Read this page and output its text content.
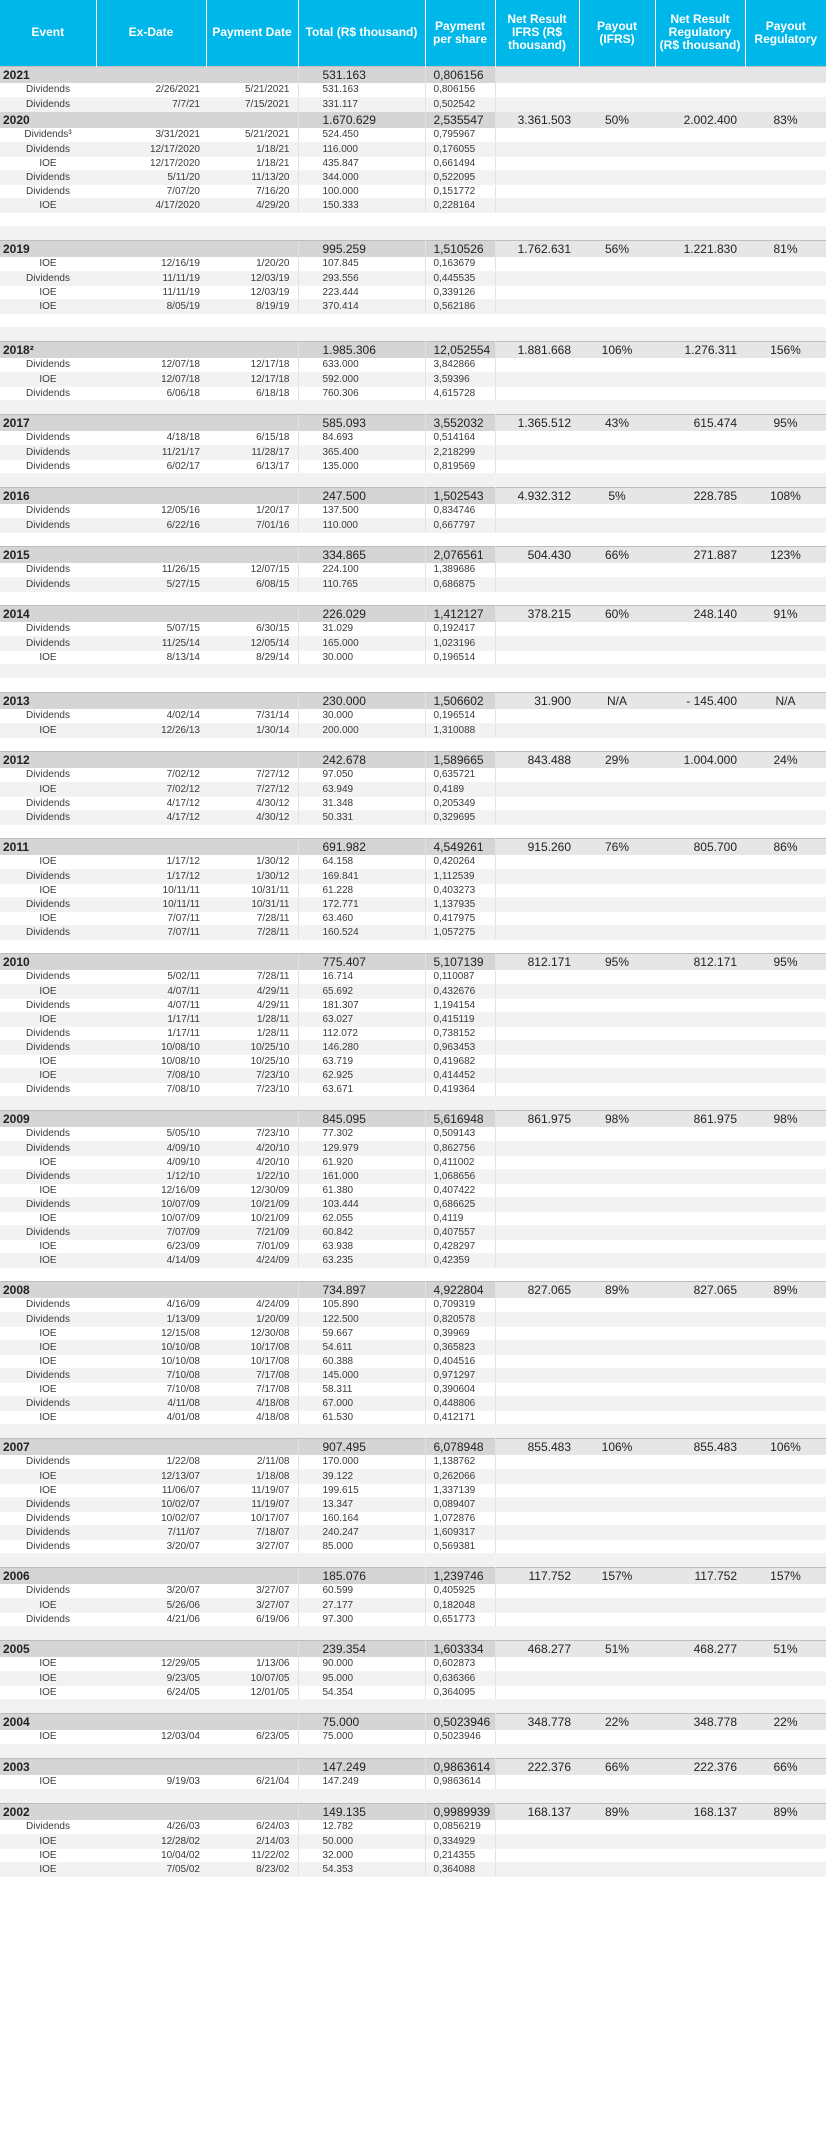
Event	Ex-Date	Payment Date	Total (R$ thousand)	Payment per share	Net Result IFRS (R$ thousand)	Payout (IFRS)	Net Result Regulatory (R$ thousand)	Payout Regulatory
2021			531.163	0,806156				
Dividends	2/26/2021	5/21/2021	531.163	0,806156				
Dividends	7/7/21	7/15/2021	331.117	0,502542				
2020			1.670.629	2,535547	3.361.503	50%	2.002.400	83%
Dividends³	3/31/2021	5/21/2021	524.450	0,795967				
Dividends	12/17/2020	1/18/21	116.000	0,176055				
IOE	12/17/2020	1/18/21	435.847	0,661494				
Dividends	5/11/20	11/13/20	344.000	0,522095				
Dividends	7/07/20	7/16/20	100.000	0,151772				
IOE	4/17/2020	4/29/20	150.333	0,228164				

2019			995.259	1,510526	1.762.631	56%	1.221.830	81%
IOE	12/16/19	1/20/20	107.845	0,163679				
Dividends	11/11/19	12/03/19	293.556	0,445535				
IOE	11/11/19	12/03/19	223.444	0,339126				
IOE	8/05/19	8/19/19	370.414	0,562186				

2018²			1.985.306	12,052554	1.881.668	106%	1.276.311	156%
Dividends	12/07/18	12/17/18	633.000	3,842866				
IOE	12/07/18	12/17/18	592.000	3,59396				
Dividends	6/06/18	6/18/18	760.306	4,615728				

2017			585.093	3,552032	1.365.512	43%	615.474	95%
Dividends	4/18/18	6/15/18	84.693	0,514164				
Dividends	11/21/17	11/28/17	365.400	2,218299				
Dividends	6/02/17	6/13/17	135.000	0,819569				

2016			247.500	1,502543	4.932.312	5%	228.785	108%
Dividends	12/05/16	1/20/17	137.500	0,834746				
Dividends	6/22/16	7/01/16	110.000	0,667797				

2015			334.865	2,076561	504.430	66%	271.887	123%
Dividends	11/26/15	12/07/15	224.100	1,389686				
Dividends	5/27/15	6/08/15	110.765	0,686875				

2014			226.029	1,412127	378.215	60%	248.140	91%
Dividends	5/07/15	6/30/15	31.029	0,192417				
Dividends	11/25/14	12/05/14	165.000	1,023196				
IOE	8/13/14	8/29/14	30.000	0,196514				

2013			230.000	1,506602	31.900	N/A	- 145.400	N/A
Dividends	4/02/14	7/31/14	30.000	0,196514				
IOE	12/26/13	1/30/14	200.000	1,310088				

2012			242.678	1,589665	843.488	29%	1.004.000	24%
Dividends	7/02/12	7/27/12	97.050	0,635721				
IOE	7/02/12	7/27/12	63.949	0,4189				
Dividends	4/17/12	4/30/12	31.348	0,205349				
Dividends	4/17/12	4/30/12	50.331	0,329695				

2011			691.982	4,549261	915.260	76%	805.700	86%
IOE	1/17/12	1/30/12	64.158	0,420264				
Dividends	1/17/12	1/30/12	169.841	1,112539				
IOE	10/11/11	10/31/11	61.228	0,403273				
Dividends	10/11/11	10/31/11	172.771	1,137935				
IOE	7/07/11	7/28/11	63.460	0,417975				
Dividends	7/07/11	7/28/11	160.524	1,057275				

2010			775.407	5,107139	812.171	95%	812.171	95%
Dividends	5/02/11	7/28/11	16.714	0,110087				
IOE	4/07/11	4/29/11	65.692	0,432676				
Dividends	4/07/11	4/29/11	181.307	1,194154				
IOE	1/17/11	1/28/11	63.027	0,415119				
Dividends	1/17/11	1/28/11	112.072	0,738152				
Dividends	10/08/10	10/25/10	146.280	0,963453				
IOE	10/08/10	10/25/10	63.719	0,419682				
IOE	7/08/10	7/23/10	62.925	0,414452				
Dividends	7/08/10	7/23/10	63.671	0,419364				

2009			845.095	5,616948	861.975	98%	861.975	98%
Dividends	5/05/10	7/23/10	77.302	0,509143				
Dividends	4/09/10	4/20/10	129.979	0,862756				
IOE	4/09/10	4/20/10	61.920	0,411002				
Dividends	1/12/10	1/22/10	161.000	1,068656				
IOE	12/16/09	12/30/09	61.380	0,407422				
Dividends	10/07/09	10/21/09	103.444	0,686625				
IOE	10/07/09	10/21/09	62.055	0,4119				
Dividends	7/07/09	7/21/09	60.842	0,407557				
IOE	6/23/09	7/01/09	63.938	0,428297				
IOE	4/14/09	4/24/09	63.235	0,42359				

2008			734.897	4,922804	827.065	89%	827.065	89%
Dividends	4/16/09	4/24/09	105.890	0,709319				
Dividends	1/13/09	1/20/09	122.500	0,820578				
IOE	12/15/08	12/30/08	59.667	0,39969				
IOE	10/10/08	10/17/08	54.611	0,365823				
IOE	10/10/08	10/17/08	60.388	0,404516				
Dividends	7/10/08	7/17/08	145.000	0,971297				
IOE	7/10/08	7/17/08	58.311	0,390604				
Dividends	4/11/08	4/18/08	67.000	0,448806				
IOE	4/01/08	4/18/08	61.530	0,412171				

2007			907.495	6,078948	855.483	106%	855.483	106%
Dividends	1/22/08	2/11/08	170.000	1,138762				
IOE	12/13/07	1/18/08	39.122	0,262066				
IOE	11/06/07	11/19/07	199.615	1,337139				
Dividends	10/02/07	11/19/07	13.347	0,089407				
Dividends	10/02/07	10/17/07	160.164	1,072876				
Dividends	7/11/07	7/18/07	240.247	1,609317				
Dividends	3/20/07	3/27/07	85.000	0,569381				

2006			185.076	1,239746	117.752	157%	117.752	157%
Dividends	3/20/07	3/27/07	60.599	0,405925				
IOE	5/26/06	3/27/07	27.177	0,182048				
Dividends	4/21/06	6/19/06	97.300	0,651773				

2005			239.354	1,603334	468.277	51%	468.277	51%
IOE	12/29/05	1/13/06	90.000	0,602873				
IOE	9/23/05	10/07/05	95.000	0,636366				
IOE	6/24/05	12/01/05	54.354	0,364095				

2004			75.000	0,5023946	348.778	22%	348.778	22%
IOE	12/03/04	6/23/05	75.000	0,5023946				

2003			147.249	0,9863614	222.376	66%	222.376	66%
IOE	9/19/03	6/21/04	147.249	0,9863614				

2002			149.135	0,9989939	168.137	89%	168.137	89%
Dividends	4/26/03	6/24/03	12.782	0,0856219				
IOE	12/28/02	2/14/03	50.000	0,334929				
IOE	10/04/02	11/22/02	32.000	0,214355				
IOE	7/05/02	8/23/02	54.353	0,364088				
